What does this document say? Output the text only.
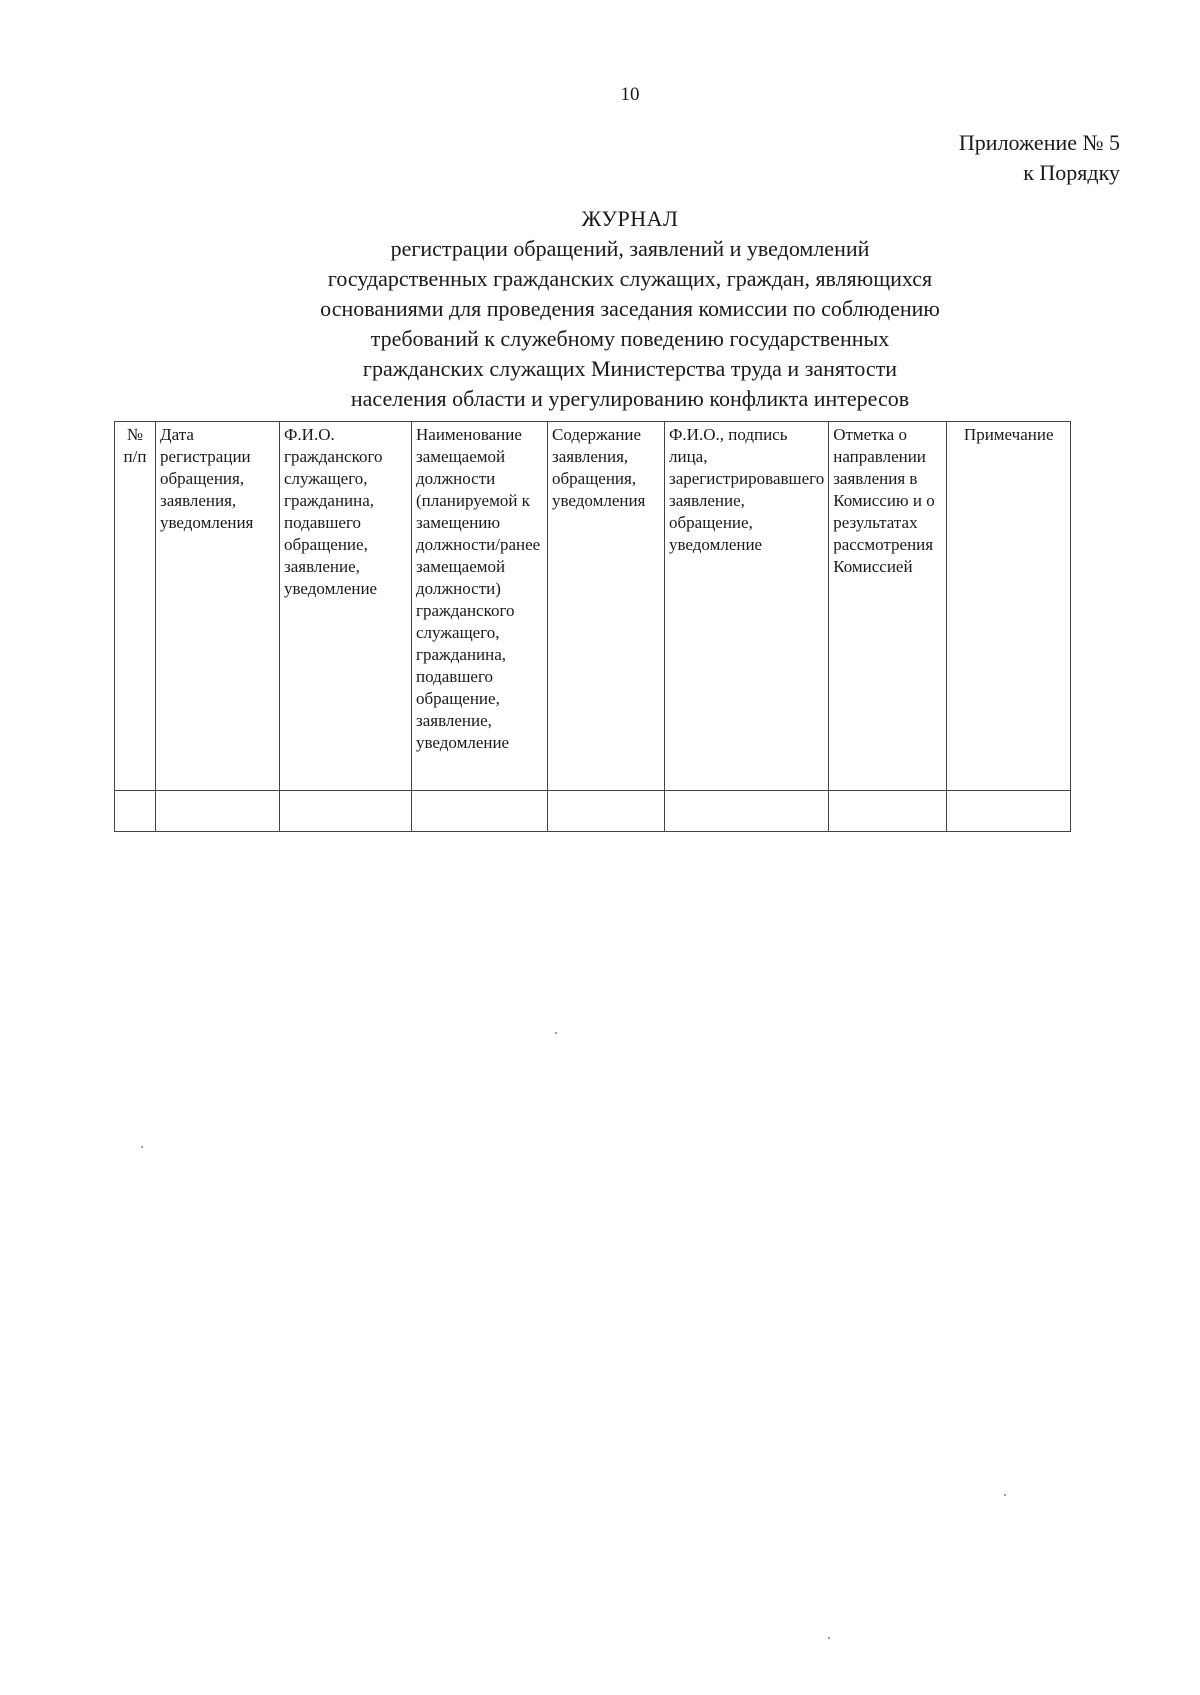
10
Приложение № 5
к Порядку
ЖУРНАЛ
регистрации обращений, заявлений и уведомлений
государственных гражданских служащих, граждан, являющихся
основаниями для проведения заседания комиссии по соблюдению
требований к служебному поведению государственных
гражданских служащих Министерства труда и занятости
населения области и урегулированию конфликта интересов
№ п/п	Дата регистрации обращения, заявления, уведомления	Ф.И.О. гражданского служащего, гражданина, подавшего обращение, заявление, уведомление	Наименование замещаемой должности (планируемой к замещению должности/ранее замещаемой должности) гражданского служащего, гражданина, подавшего обращение, заявление, уведомление	Содержание заявления, обращения, уведомления	Ф.И.О., подпись лица, зарегистрировавшего заявление, обращение, уведомление	Отметка о направлении заявления в Комиссию и о результатах рассмотрения Комиссией	Примечание
